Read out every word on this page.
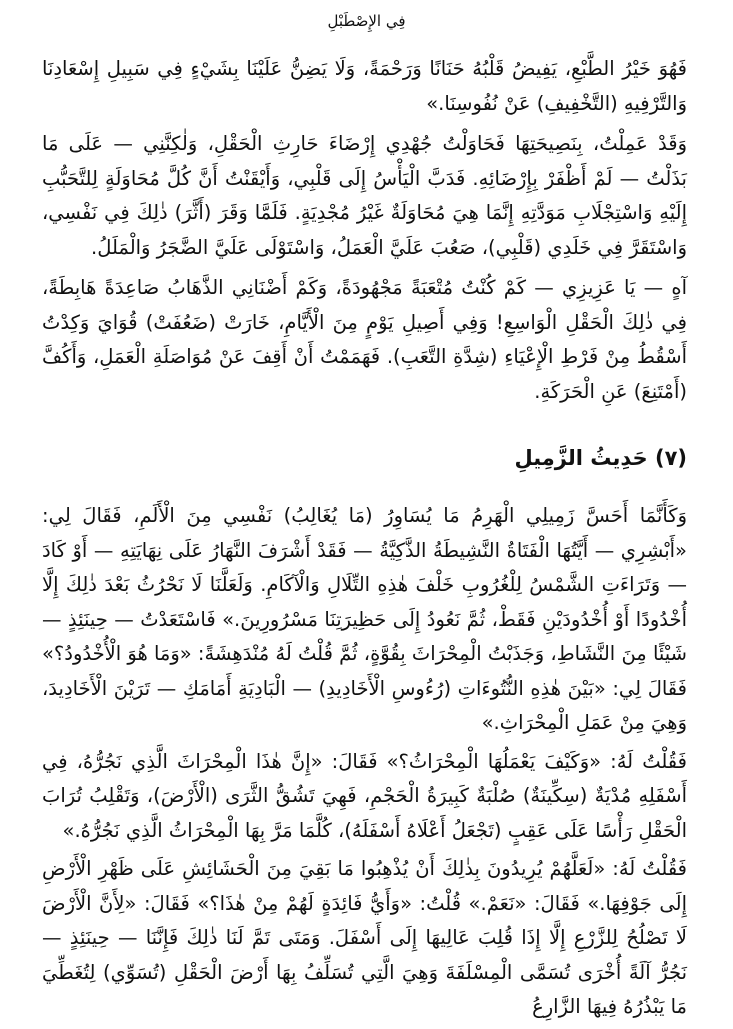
فِي الإِصْطَبْلِ

فَهُوَ خَيْرُ الطَّبْعِ، يَفِيضُ قَلْبُهُ حَنَانًا وَرَحْمَةً، وَلَا يَضِنُّ عَلَيْنَا بِشَيْءٍ فِي سَبِيلِ إِسْعَادِنَا وَالتَّرْفِيهِ (التَّخْفِيفِ) عَنْ نُفُوسِنَا.»

وَقَدْ عَمِلْتُ، بِنَصِيحَتِهَا فَحَاوَلْتُ جُهْدِي إِرْضَاءَ حَارِثِ الْحَقْلِ، وَلٰكِنَّنِي — عَلَى مَا بَذَلْتُ — لَمْ أَظْفَرْ بِإِرْضَائِهِ. فَدَبَّ الْيَأْسُ إِلَى قَلْبِي، وَأَيْقَنْتُ أَنَّ كُلَّ مُحَاوَلَةٍ لِلتَّحَبُّبِ إِلَيْهِ وَاسْتِجْلَابِ مَوَدَّتِهِ إِنَّمَا هِيَ مُحَاوَلَةٌ غَيْرُ مُجْدِيَةٍ. فَلَمَّا وَقَرَ (أَثَّرَ) ذٰلِكَ فِي نَفْسِي، وَاسْتَقَرَّ فِي خَلَدِي (قَلْبِي)، صَعُبَ عَلَيَّ الْعَمَلُ، وَاسْتَوْلَى عَلَيَّ الضَّجَرُ وَالْمَلَلُ.

آهٍ — يَا عَزِيزِي — كَمْ كُنْتُ مُتْعَبَةً مَجْهُودَةً، وَكَمْ أَضْنَانِي الذَّهَابُ صَاعِدَةً هَابِطَةً، فِي ذٰلِكَ الْحَقْلِ الْوَاسِعِ! وَفِي أَصِيلِ يَوْمٍ مِنَ الْأَيَّامِ، خَارَتْ (ضَعُفَتْ) قُوَايَ وَكِدْتُ أَسْقُطُ مِنْ فَرْطِ الْإِعْيَاءِ (شِدَّةِ التَّعَبِ). فَهَمَمْتُ أَنْ أَقِفَ عَنْ مُوَاصَلَةِ الْعَمَلِ، وَأَكُفَّ (أَمْتَنِعَ) عَنِ الْحَرَكَةِ.

(٧) حَدِيثُ الزَّمِيلِ

وَكَأَنَّمَا أَحَسَّ زَمِيلِي الْهَرِمُ مَا يُسَاوِرُ (مَا يُغَالِبُ) نَفْسِي مِنَ الْأَلَمِ، فَقَالَ لِي: «أَبْشِرِي — أَيَّتُهَا الْفَتَاةُ النَّشِيطَةُ الذَّكِيَّةُ — فَقَدْ أَشْرَفَ النَّهَارُ عَلَى نِهَايَتِهِ — أَوْ كَادَ — وَتَرَاءَتِ الشَّمْسُ لِلْغُرُوبِ خَلْفَ هٰذِهِ التِّلَالِ وَالْآكَامِ. وَلَعَلَّنَا لَا نَحْرُثُ بَعْدَ ذٰلِكَ إِلَّا أُخْدُودًا أَوْ أُخْدُودَيْنِ فَقَطْ، ثُمَّ نَعُودُ إِلَى حَظِيرَتِنَا مَسْرُورِينَ.» فَاسْتَعَدْتُ — حِينَئِذٍ — شَيْئًا مِنَ النَّشَاطِ، وَجَذَبْتُ الْمِحْرَاثَ بِقُوَّةٍ، ثُمَّ قُلْتُ لَهُ مُنْدَهِشَةً: «وَمَا هُوَ الْأُخْدُودُ؟» فَقَالَ لِي: «بَيْنَ هٰذِهِ النُّتُوءَاتِ (رُءُوسِ الْأَخَادِيدِ) — الْبَادِيَةِ أَمَامَكِ — تَرَيْنَ الْأَخَادِيدَ، وَهِيَ مِنْ عَمَلِ الْمِحْرَاثِ.»

فَقُلْتُ لَهُ: «وَكَيْفَ يَعْمَلُهَا الْمِحْرَاثُ؟» فَقَالَ: «إِنَّ هٰذَا الْمِحْرَاثَ الَّذِي نَجُرُّهُ، فِي أَسْفَلِهِ مُدْيَةٌ (سِكِّينَةٌ) صُلْبَةٌ كَبِيرَةُ الْحَجْمِ، فَهِيَ تَشُقُّ الثَّرَى (الْأَرْضَ)، وَتَقْلِبُ تُرَابَ الْحَقْلِ رَأْسًا عَلَى عَقِبٍ (تَجْعَلُ أَعْلَاهُ أَسْفَلَهُ)، كُلَّمَا مَرَّ بِهَا الْمِحْرَاثُ الَّذِي نَجُرُّهُ.»

فَقُلْتُ لَهُ: «لَعَلَّهُمْ يُرِيدُونَ بِذٰلِكَ أَنْ يُذْهِبُوا مَا بَقِيَ مِنَ الْحَشَائِشِ عَلَى ظَهْرِ الْأَرْضِ إِلَى جَوْفِهَا.» فَقَالَ: «نَعَمْ.» قُلْتُ: «وَأَيُّ فَائِدَةٍ لَهُمْ مِنْ هٰذَا؟» فَقَالَ: «لِأَنَّ الْأَرْضَ لَا تَصْلُحُ لِلزَّرْعِ إِلَّا إِذَا قُلِبَ عَالِيهَا إِلَى أَسْفَلَ. وَمَتَى تَمَّ لَنَا ذٰلِكَ فَإِنَّنَا — حِينَئِذٍ — نَجُرُّ آلَةً أُخْرَى تُسَمَّى الْمِسْلَفَةَ وَهِيَ الَّتِي تُسَلِّفُ بِهَا أَرْضَ الْحَقْلِ (تُسَوِّي) لِتُغَطِّيَ مَا يَبْذُرُهُ فِيهَا الزَّارِعُ
